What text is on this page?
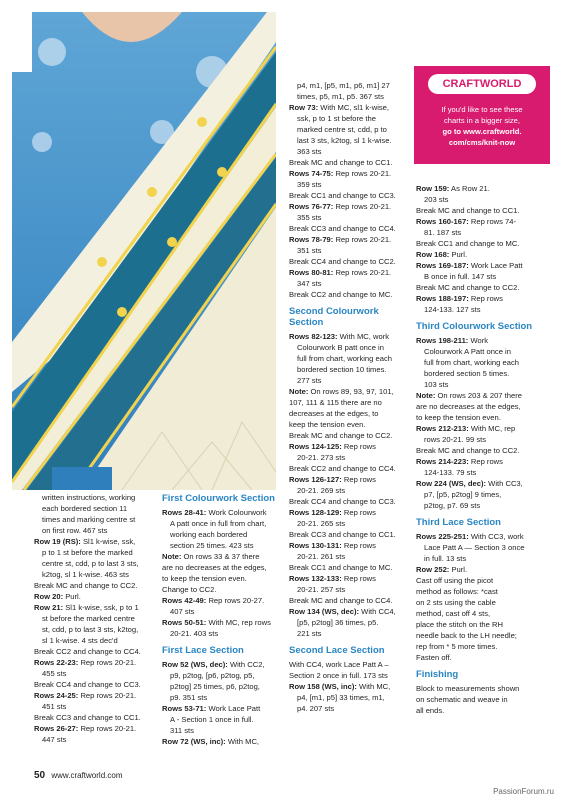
CRAFTWORLD
If you'd like to see these
charts in a bigger size,
go to www.craftworld.
com/cms/knit-now

written instructions, working

each bordered section 11

times and marking centre st

on first row. 467 sts

Row 19 (RS): Sl1 k-wise, ssk,

p to 1 st before the marked

centre st, cdd, p to last 3 sts,

k2tog, sl 1 k-wise. 463 sts

Break MC and change to CC2.

Row 20: Purl.

Row 21: Sl1 k-wise, ssk, p to 1

st before the marked centre

st, cdd, p to last 3 sts, k2tog,

sl 1 k-wise. 4 sts dec'd

Break CC2 and change to CC4.

Rows 22-23: Rep rows 20-21.

455 sts

Break CC4 and change to CC3.

Rows 24-25: Rep rows 20-21.

451 sts

Break CC3 and change to CC1.

Rows 26-27: Rep rows 20-21.

447 sts

First Colourwork Section

Rows 28-41: Work Colourwork

A patt once in full from chart,

working each bordered

section 25 times. 423 sts

Note: On rows 33 & 37 there

are no decreases at the edges,

to keep the tension even.

Change to CC2.

Rows 42-49: Rep rows 20-27.

407 sts

Rows 50-51: With MC, rep rows

20-21. 403 sts

First Lace Section

Row 52 (WS, dec): With CC2,

p9, p2tog, [p6, p2tog, p5,

p2tog] 25 times, p6, p2tog,

p9. 351 sts

Rows 53-71: Work Lace Patt

A - Section 1 once in full.

311 sts

Row 72 (WS, inc): With MC,

p4, m1, [p5, m1, p6, m1] 27

times, p5, m1, p5. 367 sts

Row 73: With MC, sl1 k-wise,

ssk, p to 1 st before the

marked centre st, cdd, p to

last 3 sts, k2tog, sl 1 k-wise.

363 sts

Break MC and change to CC1.

Rows 74-75: Rep rows 20-21.

359 sts

Break CC1 and change to CC3.

Rows 76-77: Rep rows 20-21.

355 sts

Break CC3 and change to CC4.

Rows 78-79: Rep rows 20-21.

351 sts

Break CC4 and change to CC2.

Rows 80-81: Rep rows 20-21.

347 sts

Break CC2 and change to MC.

Second Colourwork Section

Rows 82-123: With MC, work

Colourwork B patt once in

full from chart, working each

bordered section 10 times.

277 sts

Note: On rows 89, 93, 97, 101,

107, 111 & 115 there are no

decreases at the edges, to

keep the tension even.

Break MC and change to CC2.

Rows 124-125: Rep rows

20-21. 273 sts

Break CC2 and change to CC4.

Rows 126-127: Rep rows

20-21. 269 sts

Break CC4 and change to CC3.

Rows 128-129: Rep rows

20-21. 265 sts

Break CC3 and change to CC1.

Rows 130-131: Rep rows

20-21. 261 sts

Break CC1 and change to MC.

Rows 132-133: Rep rows

20-21. 257 sts

Break MC and change to CC4.

Row 134 (WS, dec): With CC4,

[p5, p2tog] 36 times, p5.

221 sts

Second Lace Section

With CC4, work Lace Patt A –

Section 2 once in full. 173 sts

Row 158 (WS, inc): With MC,

p4, [m1, p5] 33 times, m1,

p4. 207 sts

Row 159: As Row 21.

203 sts

Break MC and change to CC1.

Rows 160-167: Rep rows 74-

81. 187 sts

Break CC1 and change to MC.

Row 168: Purl.

Rows 169-187: Work Lace Patt

B once in full. 147 sts

Break MC and change to CC2.

Rows 188-197: Rep rows

124-133. 127 sts

Third Colourwork Section

Rows 198-211: Work

Colourwork A Patt once in

full from chart, working each

bordered section 5 times.

103 sts

Note: On rows 203 & 207 there

are no decreases at the edges,

to keep the tension even.

Rows 212-213: With MC, rep

rows 20-21. 99 sts

Break MC and change to CC2.

Rows 214-223: Rep rows

124-133. 79 sts

Row 224 (WS, dec): With CC3,

p7, [p5, p2tog] 9 times,

p2tog, p7. 69 sts

Third Lace Section

Rows 225-251: With CC3, work

Lace Patt A — Section 3 once

in full. 13 sts

Row 252: Purl.

Cast off using the picot

method as follows: *cast

on 2 sts using the cable

method, cast off 4 sts,

place the stitch on the RH

needle back to the LH needle;

rep from * 5 more times.

Fasten off.

Finishing

Block to measurements shown

on schematic and weave in

all ends.

50 www.craftworld.com
PassionForum.ru
